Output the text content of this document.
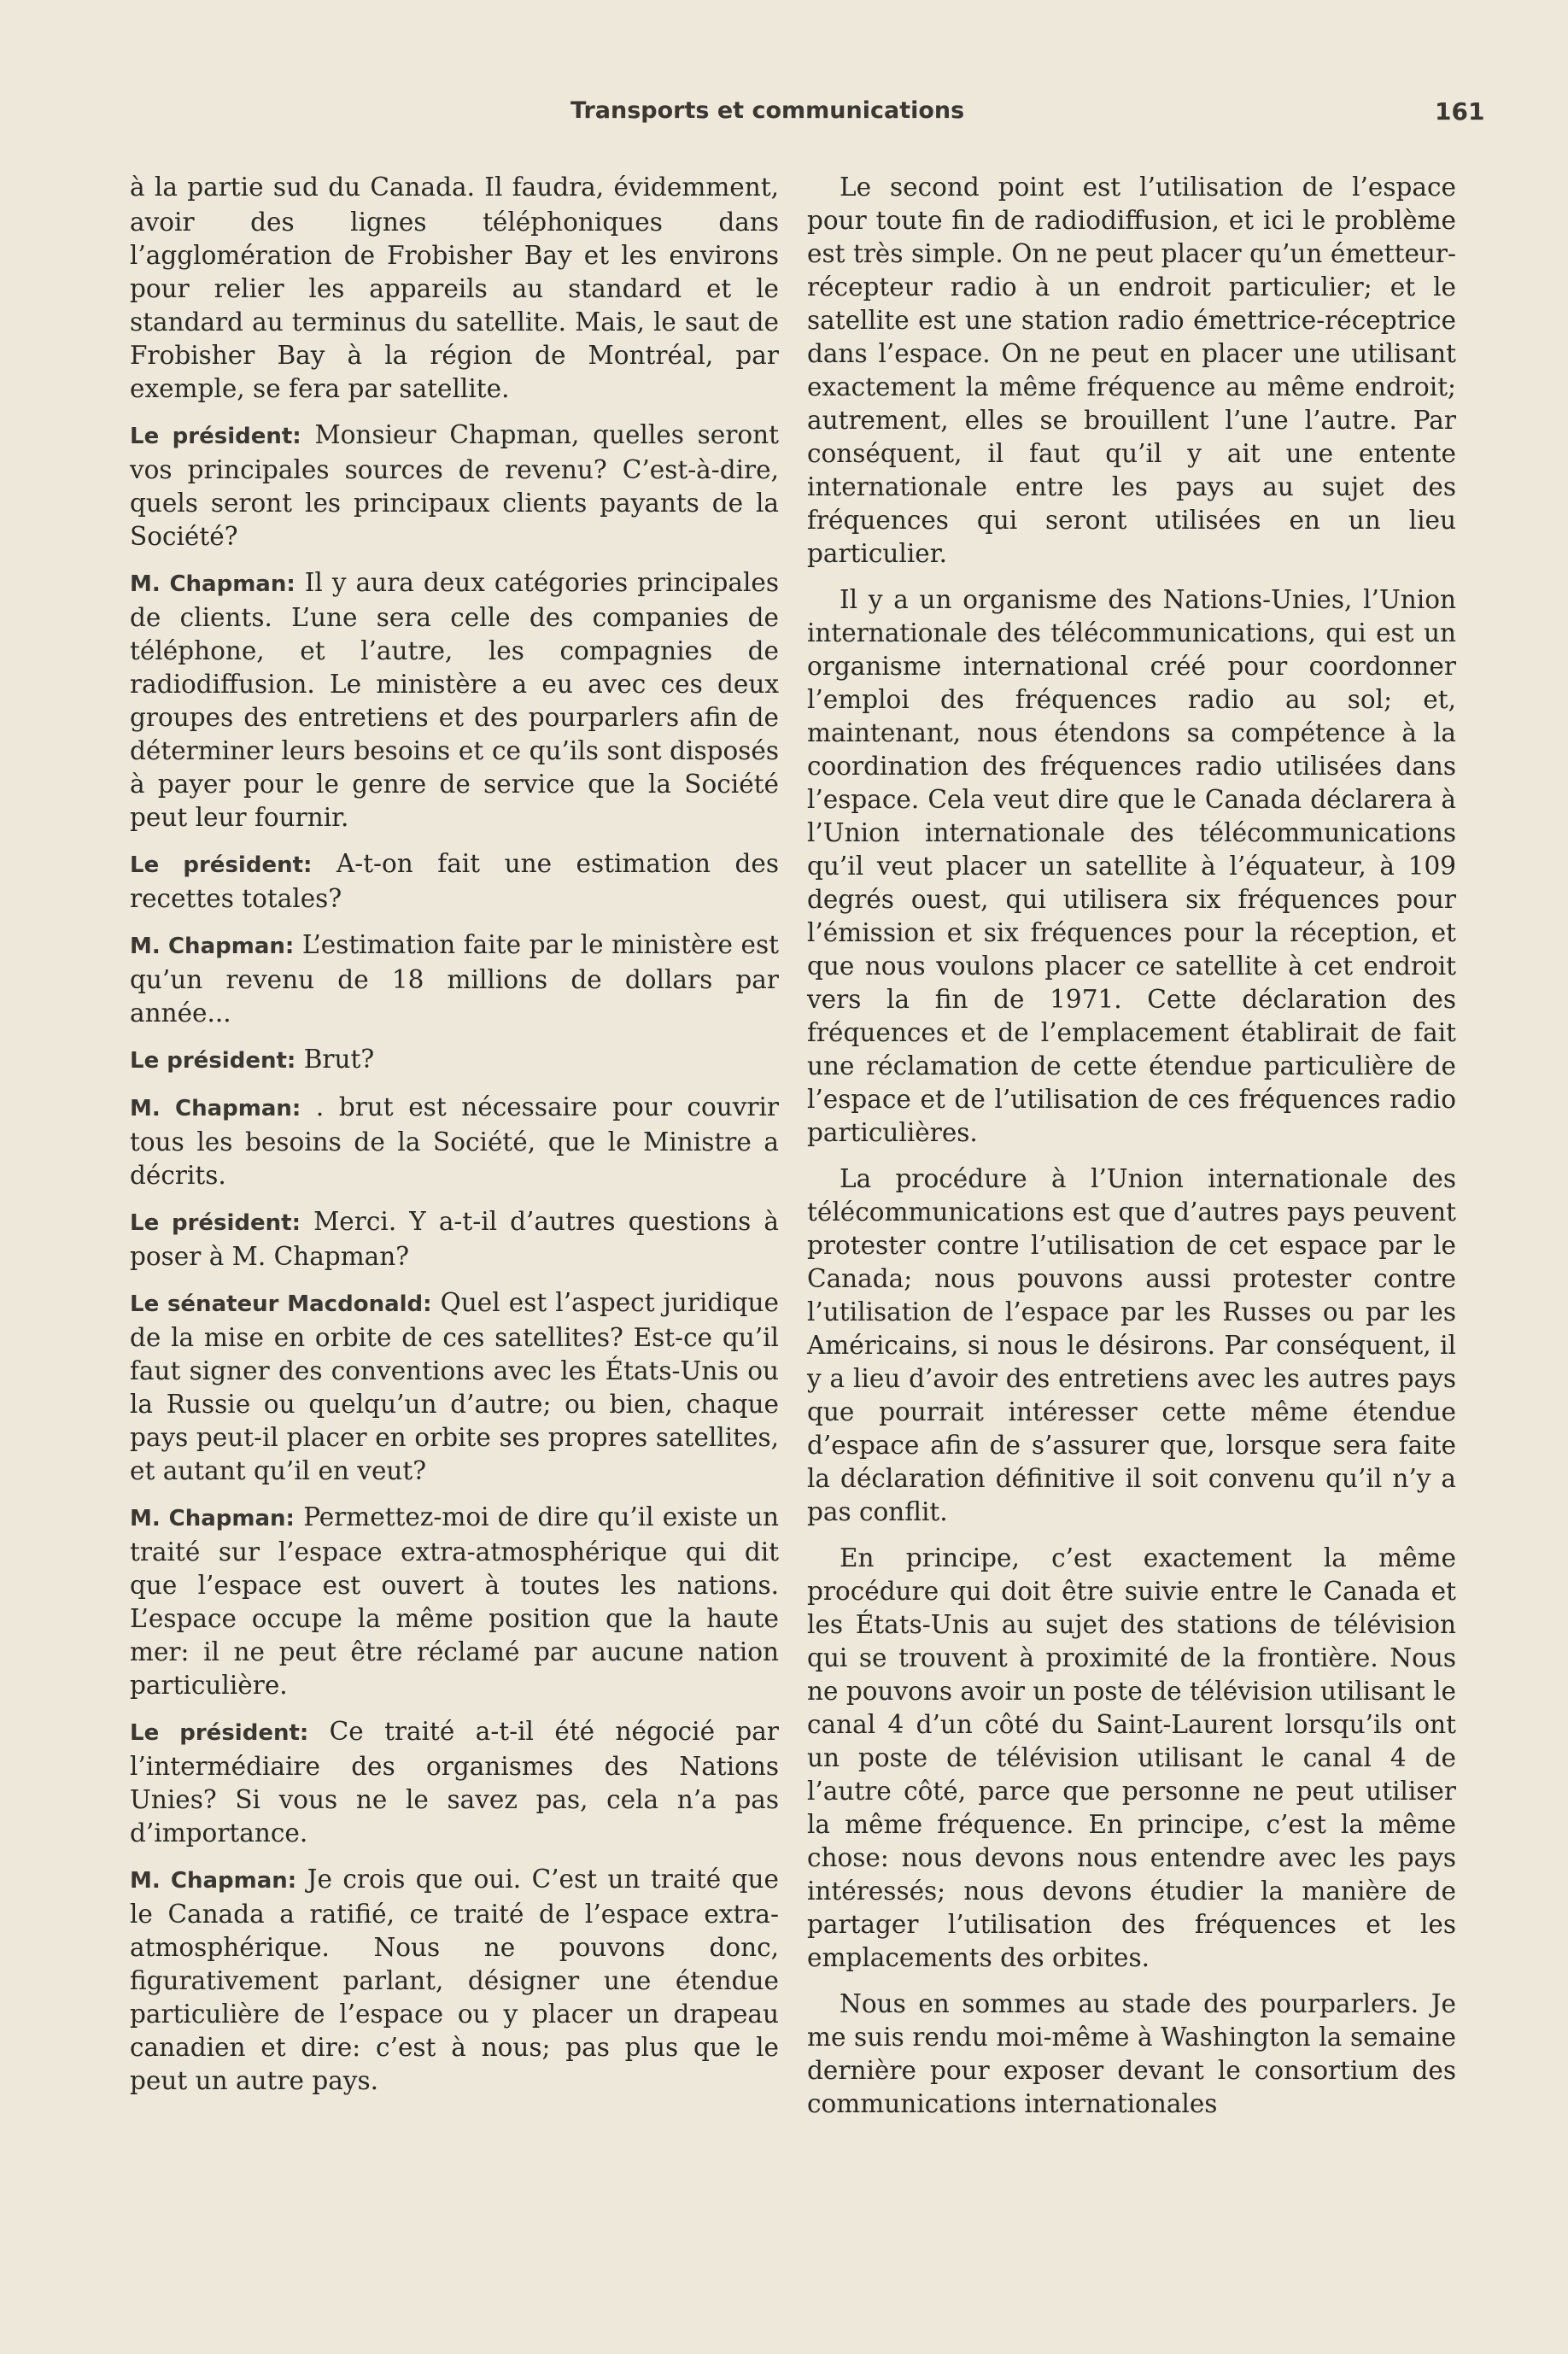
Transports et communications	161

à la partie sud du Canada. Il faudra, évidemment, avoir des lignes téléphoniques dans l’agglomération de Frobisher Bay et les environs pour relier les appareils au standard et le standard au terminus du satellite. Mais, le saut de Frobisher Bay à la région de Montréal, par exemple, se fera par satellite.

Le président: Monsieur Chapman, quelles seront vos principales sources de revenu? C’est-à-dire, quels seront les principaux clients payants de la Société?

M. Chapman: Il y aura deux catégories principales de clients. L’une sera celle des companies de téléphone, et l’autre, les compagnies de radiodiffusion. Le ministère a eu avec ces deux groupes des entretiens et des pourparlers afin de déterminer leurs besoins et ce qu’ils sont disposés à payer pour le genre de service que la Société peut leur fournir.

Le président: A-t-on fait une estimation des recettes totales?

M. Chapman: L’estimation faite par le ministère est qu’un revenu de 18 millions de dollars par année...

Le président: Brut?

M. Chapman: . brut est nécessaire pour couvrir tous les besoins de la Société, que le Ministre a décrits.

Le président: Merci. Y a-t-il d’autres questions à poser à M. Chapman?

Le sénateur Macdonald: Quel est l’aspect juridique de la mise en orbite de ces satellites? Est-ce qu’il faut signer des conventions avec les États-Unis ou la Russie ou quelqu’un d’autre; ou bien, chaque pays peut-il placer en orbite ses propres satellites, et autant qu’il en veut?

M. Chapman: Permettez-moi de dire qu’il existe un traité sur l’espace extra-atmosphérique qui dit que l’espace est ouvert à toutes les nations. L’espace occupe la même position que la haute mer: il ne peut être réclamé par aucune nation particulière.

Le président: Ce traité a-t-il été négocié par l’intermédiaire des organismes des Nations Unies? Si vous ne le savez pas, cela n’a pas d’importance.

M. Chapman: Je crois que oui. C’est un traité que le Canada a ratifié, ce traité de l’espace extra-atmosphérique. Nous ne pouvons donc, figurativement parlant, désigner une étendue particulière de l’espace ou y placer un drapeau canadien et dire: c’est à nous; pas plus que le peut un autre pays.

Le second point est l’utilisation de l’espace pour toute fin de radiodiffusion, et ici le problème est très simple. On ne peut placer qu’un émetteur-récepteur radio à un endroit particulier; et le satellite est une station radio émettrice-réceptrice dans l’espace. On ne peut en placer une utilisant exactement la même fréquence au même endroit; autrement, elles se brouillent l’une l’autre. Par conséquent, il faut qu’il y ait une entente internationale entre les pays au sujet des fréquences qui seront utilisées en un lieu particulier.

Il y a un organisme des Nations-Unies, l’Union internationale des télécommunications, qui est un organisme international créé pour coordonner l’emploi des fréquences radio au sol; et, maintenant, nous étendons sa compétence à la coordination des fréquences radio utilisées dans l’espace. Cela veut dire que le Canada déclarera à l’Union internationale des télécommunications qu’il veut placer un satellite à l’équateur, à 109 degrés ouest, qui utilisera six fréquences pour l’émission et six fréquences pour la réception, et que nous voulons placer ce satellite à cet endroit vers la fin de 1971. Cette déclaration des fréquences et de l’emplacement établirait de fait une réclamation de cette étendue particulière de l’espace et de l’utilisation de ces fréquences radio particulières.

La procédure à l’Union internationale des télécommunications est que d’autres pays peuvent protester contre l’utilisation de cet espace par le Canada; nous pouvons aussi protester contre l’utilisation de l’espace par les Russes ou par les Américains, si nous le désirons. Par conséquent, il y a lieu d’avoir des entretiens avec les autres pays que pourrait intéresser cette même étendue d’espace afin de s’assurer que, lorsque sera faite la déclaration définitive il soit convenu qu’il n’y a pas conflit.

En principe, c’est exactement la même procédure qui doit être suivie entre le Canada et les États-Unis au sujet des stations de télévision qui se trouvent à proximité de la frontière. Nous ne pouvons avoir un poste de télévision utilisant le canal 4 d’un côté du Saint-Laurent lorsqu’ils ont un poste de télévision utilisant le canal 4 de l’autre côté, parce que personne ne peut utiliser la même fréquence. En principe, c’est la même chose: nous devons nous entendre avec les pays intéressés; nous devons étudier la manière de partager l’utilisation des fréquences et les emplacements des orbites.

Nous en sommes au stade des pourparlers. Je me suis rendu moi-même à Washington la semaine dernière pour exposer devant le consortium des communications internationales
